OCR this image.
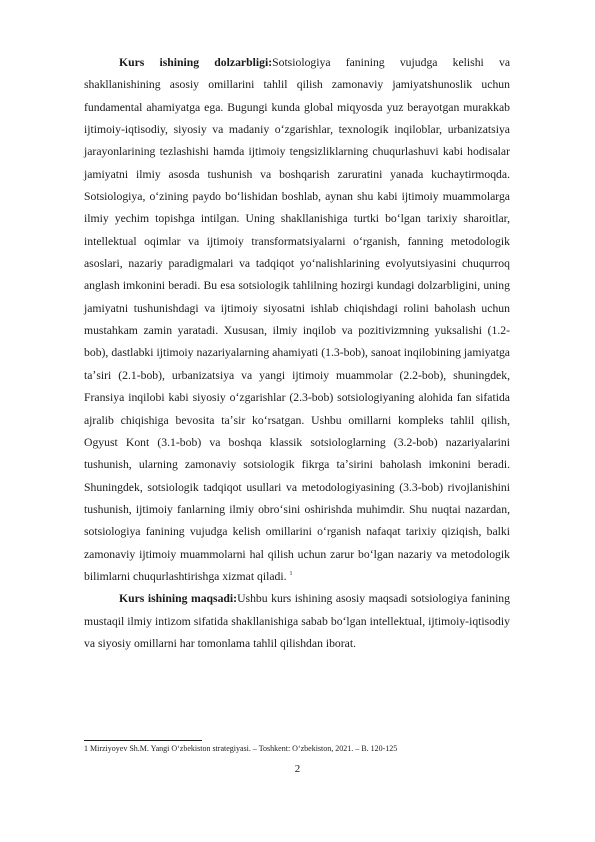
Kurs ishining dolzarbligi:Sotsiologiya fanining vujudga kelishi va shakllanishining asosiy omillarini tahlil qilish zamonaviy jamiyatshunoslik uchun fundamental ahamiyatga ega. Bugungi kunda global miqyosda yuz berayotgan murakkab ijtimoiy-iqtisodiy, siyosiy va madaniy oʻzgarishlar, texnologik inqiloblar, urbanizatsiya jarayonlarining tezlashishi hamda ijtimoiy tengsizliklarning chuqurlashuvi kabi hodisalar jamiyatni ilmiy asosda tushunish va boshqarish zaruratini yanada kuchaytirmoqda. Sotsiologiya, oʻzining paydo boʻlishidan boshlab, aynan shu kabi ijtimoiy muammolarga ilmiy yechim topishga intilgan. Uning shakllanishiga turtki boʻlgan tarixiy sharoitlar, intellektual oqimlar va ijtimoiy transformatsiyalarni oʻrganish, fanning metodologik asoslari, nazariy paradigmalari va tadqiqot yoʻnalishlarining evolyutsiyasini chuqurroq anglash imkonini beradi. Bu esa sotsiologik tahlilning hozirgi kundagi dolzarbligini, uning jamiyatni tushunishdagi va ijtimoiy siyosatni ishlab chiqishdagi rolini baholash uchun mustahkam zamin yaratadi. Xususan, ilmiy inqilob va pozitivizmning yuksalishi (1.2-bob), dastlabki ijtimoiy nazariyalarning ahamiyati (1.3-bob), sanoat inqilobining jamiyatga taʼsiri (2.1-bob), urbanizatsiya va yangi ijtimoiy muammolar (2.2-bob), shuningdek, Fransiya inqilobi kabi siyosiy oʻzgarishlar (2.3-bob) sotsiologiyaning alohida fan sifatida ajralib chiqishiga bevosita taʼsir koʻrsatgan. Ushbu omillarni kompleks tahlil qilish, Ogyust Kont (3.1-bob) va boshqa klassik sotsiologlarning (3.2-bob) nazariyalarini tushunish, ularning zamonaviy sotsiologik fikrga taʼsirini baholash imkonini beradi. Shuningdek, sotsiologik tadqiqot usullari va metodologiyasining (3.3-bob) rivojlanishini tushunish, ijtimoiy fanlarning ilmiy obroʻsini oshirishda muhimdir. Shu nuqtai nazardan, sotsiologiya fanining vujudga kelish omillarini oʻrganish nafaqat tarixiy qiziqish, balki zamonaviy ijtimoiy muammolarni hal qilish uchun zarur boʻlgan nazariy va metodologik bilimlarni chuqurlashtirishga xizmat qiladi. $^1$

Kurs ishining maqsadi:Ushbu kurs ishining asosiy maqsadi sotsiologiya fanining mustaqil ilmiy intizom sifatida shakllanishiga sabab boʻlgan intellektual, ijtimoiy-iqtisodiy va siyosiy omillarni har tomonlama tahlil qilishdan iborat.

1 Mirziyoyev Sh.M. Yangi Oʻzbekiston strategiyasi. – Toshkent: Oʻzbekiston, 2021. – B. 120-125
2
